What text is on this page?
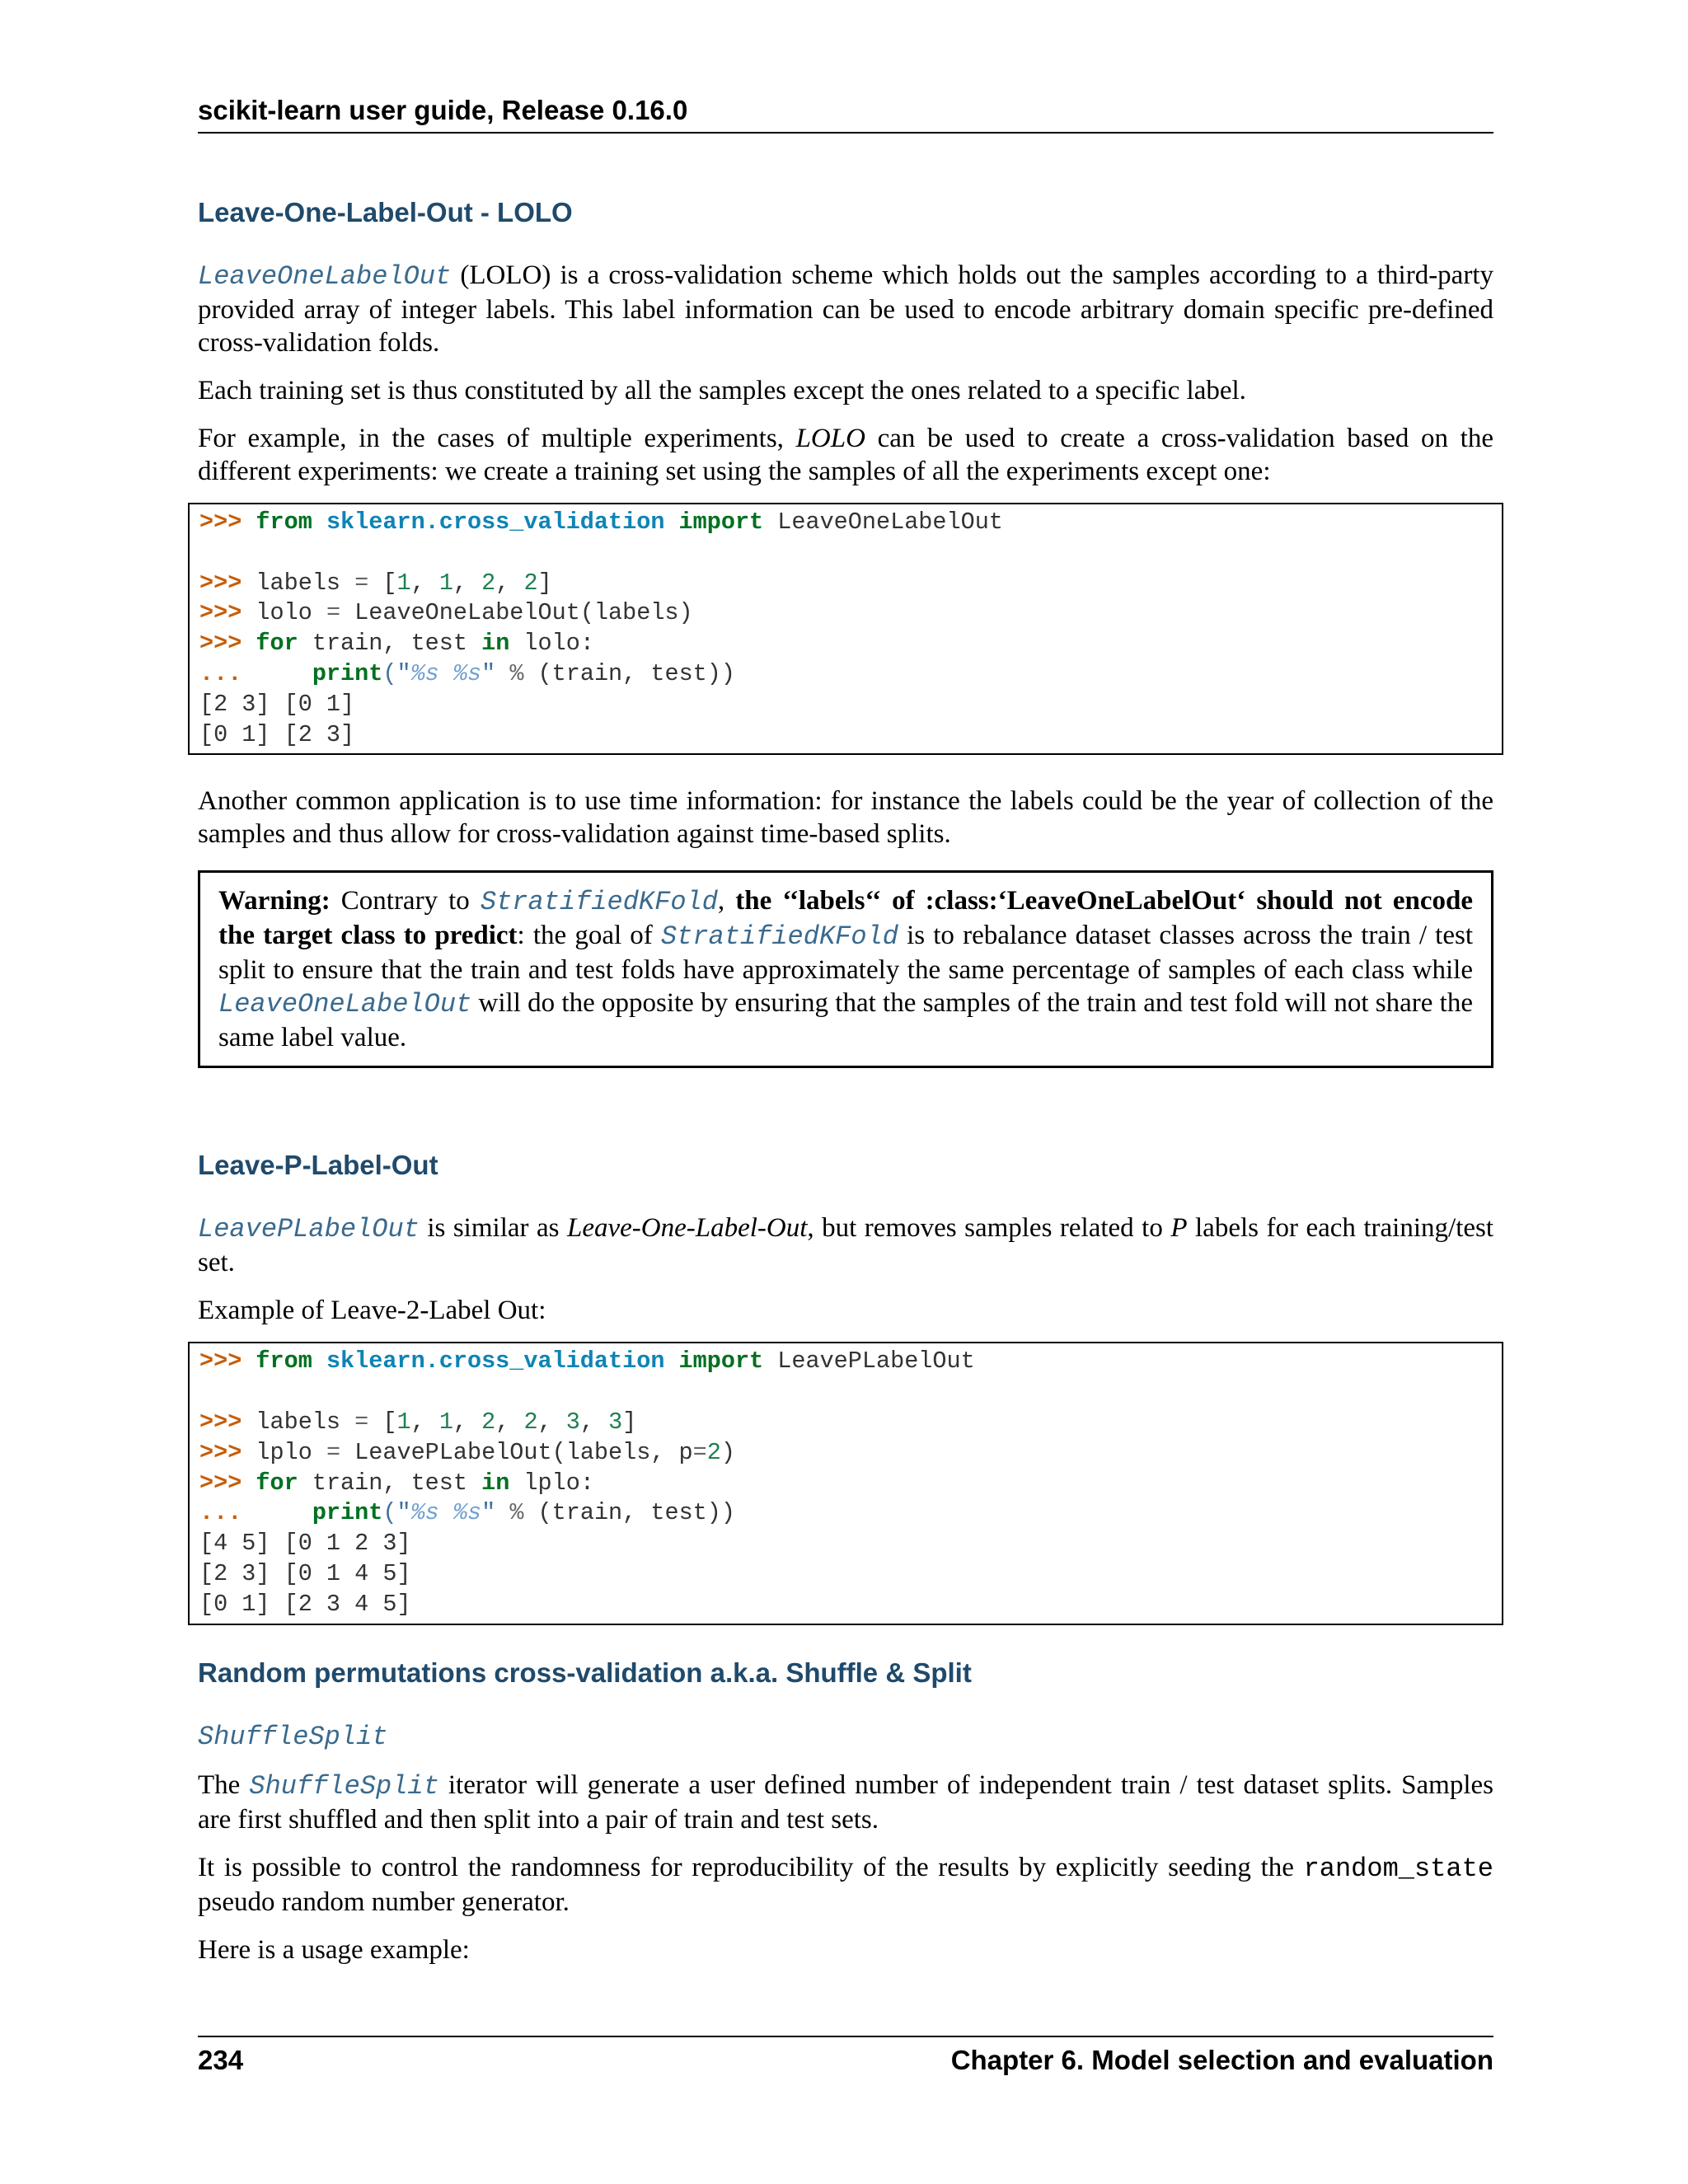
scikit-learn user guide, Release 0.16.0
Leave-One-Label-Out - LOLO

LeaveOneLabelOut (LOLO) is a cross-validation scheme which holds out the samples according to a third-party provided array of integer labels. This label information can be used to encode arbitrary domain specific pre-defined cross-validation folds.

Each training set is thus constituted by all the samples except the ones related to a specific label.

For example, in the cases of multiple experiments, LOLO can be used to create a cross-validation based on the different experiments: we create a training set using the samples of all the experiments except one:

>>> from sklearn.cross_validation import LeaveOneLabelOut
>>> labels = [1, 1, 2, 2]
>>> lolo = LeaveOneLabelOut(labels)
>>> for train, test in lolo:
...	print("%s %s" % (train, test))
[2 3] [0 1]
[0 1] [2 3]

Another common application is to use time information: for instance the labels could be the year of collection of the samples and thus allow for cross-validation against time-based splits.

Warning: Contrary to StratifiedKFold, the ‘‘labels‘‘ of :class:‘LeaveOneLabelOut‘ should not encode the target class to predict: the goal of StratifiedKFold is to rebalance dataset classes across the train / test split to ensure that the train and test folds have approximately the same percentage of samples of each class while LeaveOneLabelOut will do the opposite by ensuring that the samples of the train and test fold will not share the same label value.

Leave-P-Label-Out

LeavePLabelOut is similar as Leave-One-Label-Out, but removes samples related to P labels for each training/test set.

Example of Leave-2-Label Out:

>>> from sklearn.cross_validation import LeavePLabelOut
>>> labels = [1, 1, 2, 2, 3, 3]
>>> lplo = LeavePLabelOut(labels, p=2)
>>> for train, test in lplo:
...	print("%s %s" % (train, test))
[4 5] [0 1 2 3]
[2 3] [0 1 4 5]
[0 1] [2 3 4 5]
Random permutations cross-validation a.k.a. Shuffle & Split

ShuffleSplit

The ShuffleSplit iterator will generate a user defined number of independent train / test dataset splits. Samples are first shuffled and then split into a pair of train and test sets.

It is possible to control the randomness for reproducibility of the results by explicitly seeding the random_state pseudo random number generator.

Here is a usage example:

234	Chapter 6. Model selection and evaluation
